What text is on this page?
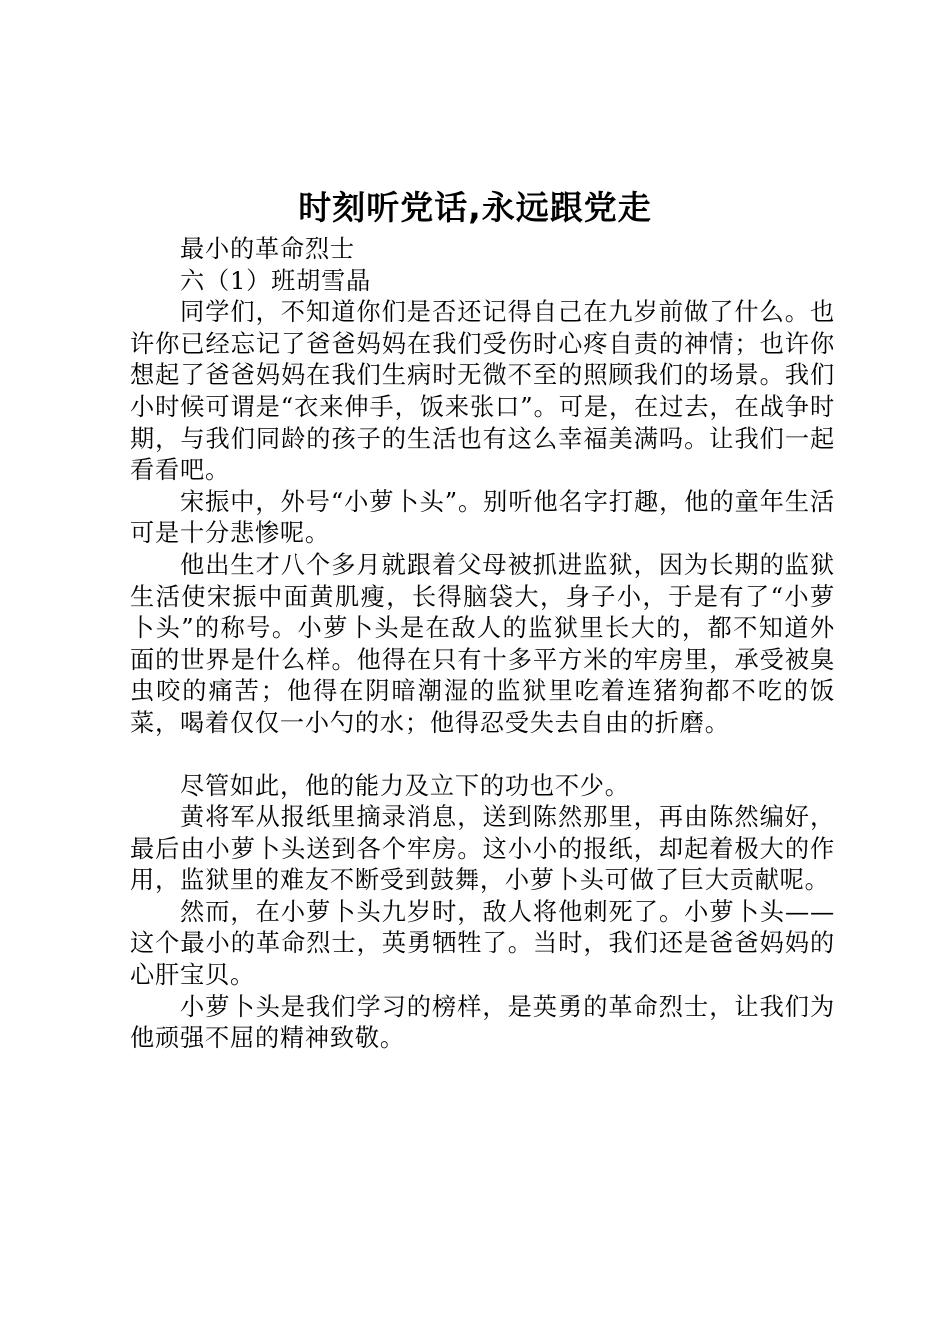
时刻听党话,永远跟党走

最小的革命烈士

六（1）班胡雪晶

同学们，不知道你们是否还记得自己在九岁前做了什么。也许你已经忘记了爸爸妈妈在我们受伤时心疼自责的神情；也许你想起了爸爸妈妈在我们生病时无微不至的照顾我们的场景。我们小时候可谓是“衣来伸手，饭来张口”。可是，在过去，在战争时期，与我们同龄的孩子的生活也有这么幸福美满吗。让我们一起看看吧。

宋振中，外号“小萝卜头”。别听他名字打趣，他的童年生活可是十分悲惨呢。

他出生才八个多月就跟着父母被抓进监狱，因为长期的监狱生活使宋振中面黄肌瘦，长得脑袋大，身子小，于是有了“小萝卜头”的称号。小萝卜头是在敌人的监狱里长大的，都不知道外面的世界是什么样。他得在只有十多平方米的牢房里，承受被臭虫咬的痛苦；他得在阴暗潮湿的监狱里吃着连猪狗都不吃的饭菜，喝着仅仅一小勺的水；他得忍受失去自由的折磨。

尽管如此，他的能力及立下的功也不少。

黄将军从报纸里摘录消息，送到陈然那里，再由陈然编好，最后由小萝卜头送到各个牢房。这小小的报纸，却起着极大的作用，监狱里的难友不断受到鼓舞，小萝卜头可做了巨大贡献呢。

然而，在小萝卜头九岁时，敌人将他刺死了。小萝卜头——这个最小的革命烈士，英勇牺牲了。当时，我们还是爸爸妈妈的心肝宝贝。

小萝卜头是我们学习的榜样，是英勇的革命烈士，让我们为他顽强不屈的精神致敬。
